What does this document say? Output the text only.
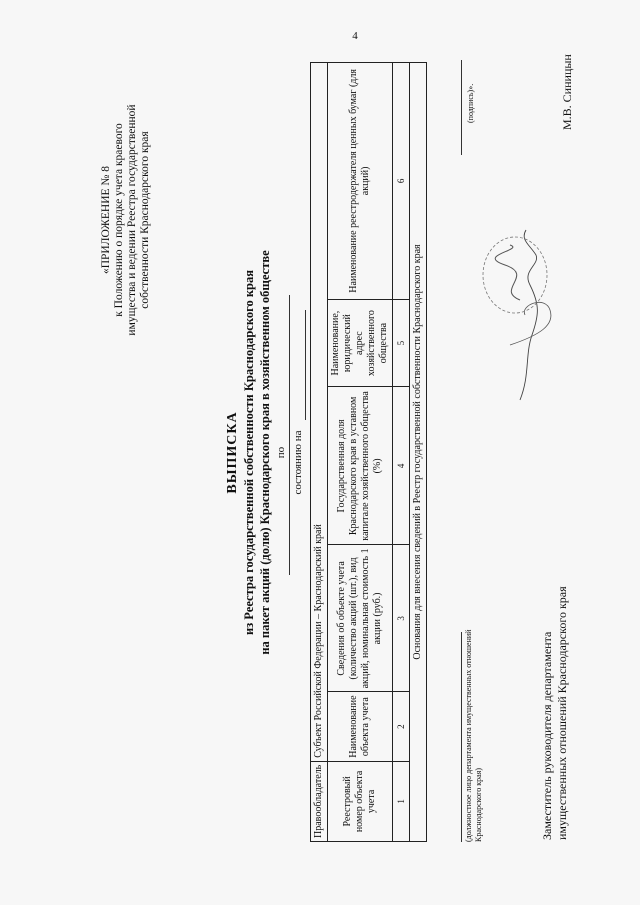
4
«ПРИЛОЖЕНИЕ № 8 к Положению о порядке учета краевого имущества и ведении Реестра государственной собственности Краснодарского края
ВЫПИСКА из Реестра государственной собственности Краснодарского края на пакет акций (долю) Краснодарского края в хозяйственном обществе по состоянию на
Правообладатель	Субъект Российской Федерации – Краснодарский край				
Реестровый номер объекта учета	Наименование объекта учета	Сведения об объекте учета (количество акций (шт.), вид акций, номинальная стоимость 1 акции (руб.)	Государственная доля Краснодарского края в уставном капитале хозяйственного общества (%)	Наименование, юридический адрес хозяйственного общества	Наименование реестродержателя ценных бумаг (для акций)
1	2	3	4	5	6
Основания для внесения сведений в Реестр государственной собственности Краснодарского края					
(должностное лицо департамента имущественных отношений Краснодарского края)
(подпись)».
Заместитель руководителя департамента имущественных отношений Краснодарского края
М.В. Синицын
